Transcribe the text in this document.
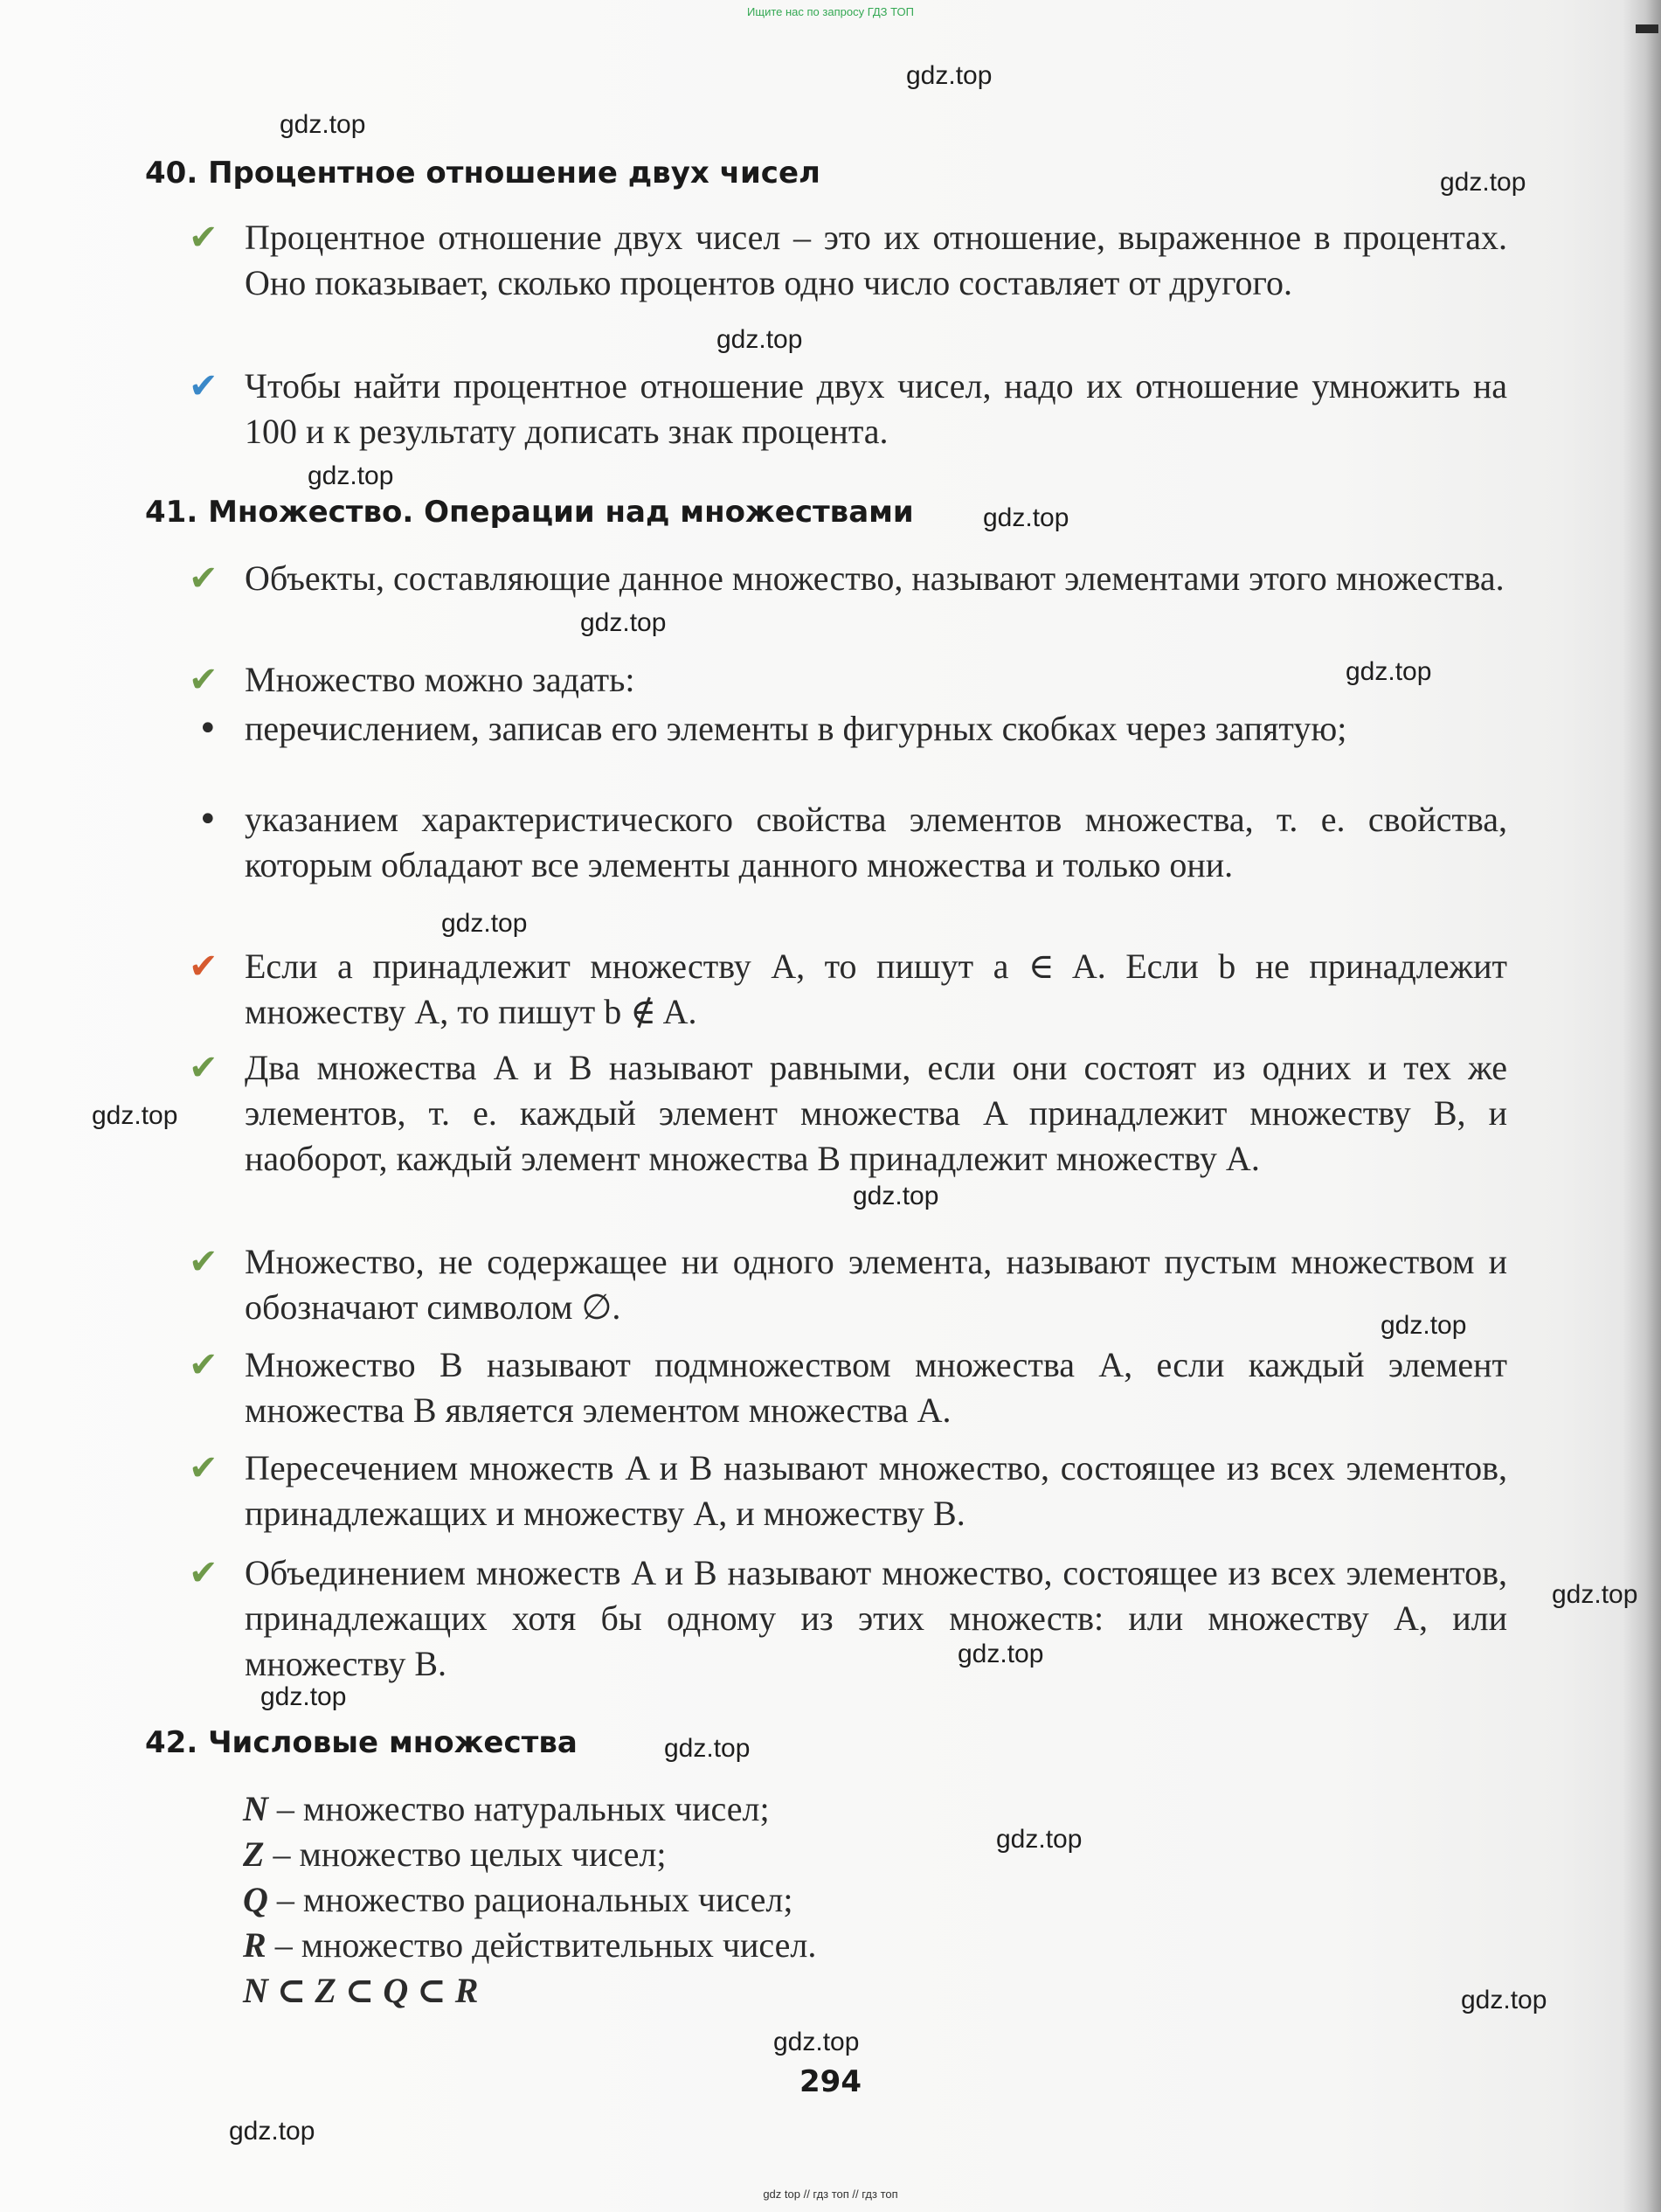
Ищите нас по запросу ГДЗ ТОП
gdz.top
gdz.top
gdz.top
gdz.top
gdz.top
gdz.top
gdz.top
gdz.top
gdz.top
gdz.top
gdz.top
gdz.top
gdz.top
gdz.top
gdz.top
gdz.top
gdz.top
gdz.top
gdz.top
gdz.top
40. Процентное отношение двух чисел
✔ Процентное отношение двух чисел – это их отношение, выраженное в процентах. Оно показывает, сколько процентов одно число составляет от другого.
✔ Чтобы найти процентное отношение двух чисел, надо их отношение умножить на 100 и к результату дописать знак процента.
41. Множество. Операции над множествами
✔ Объекты, составляющие данное множество, называют элементами этого множества.
✔ Множество можно задать:
• перечислением, записав его элементы в фигурных скобках через запятую;
• указанием характеристического свойства элементов множества, т. е. свойства, которым обладают все элементы данного множества и только они.
✔ Если a принадлежит множеству A, то пишут a ∈ A. Если b не принадлежит множеству A, то пишут b ∉ A.
✔ Два множества A и B называют равными, если они состоят из одних и тех же элементов, т. е. каждый элемент множества A принадлежит множеству B, и наоборот, каждый элемент множества B принадлежит множеству A.
✔ Множество, не содержащее ни одного элемента, называют пустым множеством и обозначают символом ∅.
✔ Множество B называют подмножеством множества A, если каждый элемент множества B является элементом множества A.
✔ Пересечением множеств A и B называют множество, состоящее из всех элементов, принадлежащих и множеству A, и множеству B.
✔ Объединением множеств A и B называют множество, состоящее из всех элементов, принадлежащих хотя бы одному из этих множеств: или множеству A, или множеству B.
42. Числовые множества
N – множество натуральных чисел;
Z – множество целых чисел;
Q – множество рациональных чисел;
R – множество действительных чисел.
N ⊂ Z ⊂ Q ⊂ R
294
gdz top // гдз топ // гдз топ
